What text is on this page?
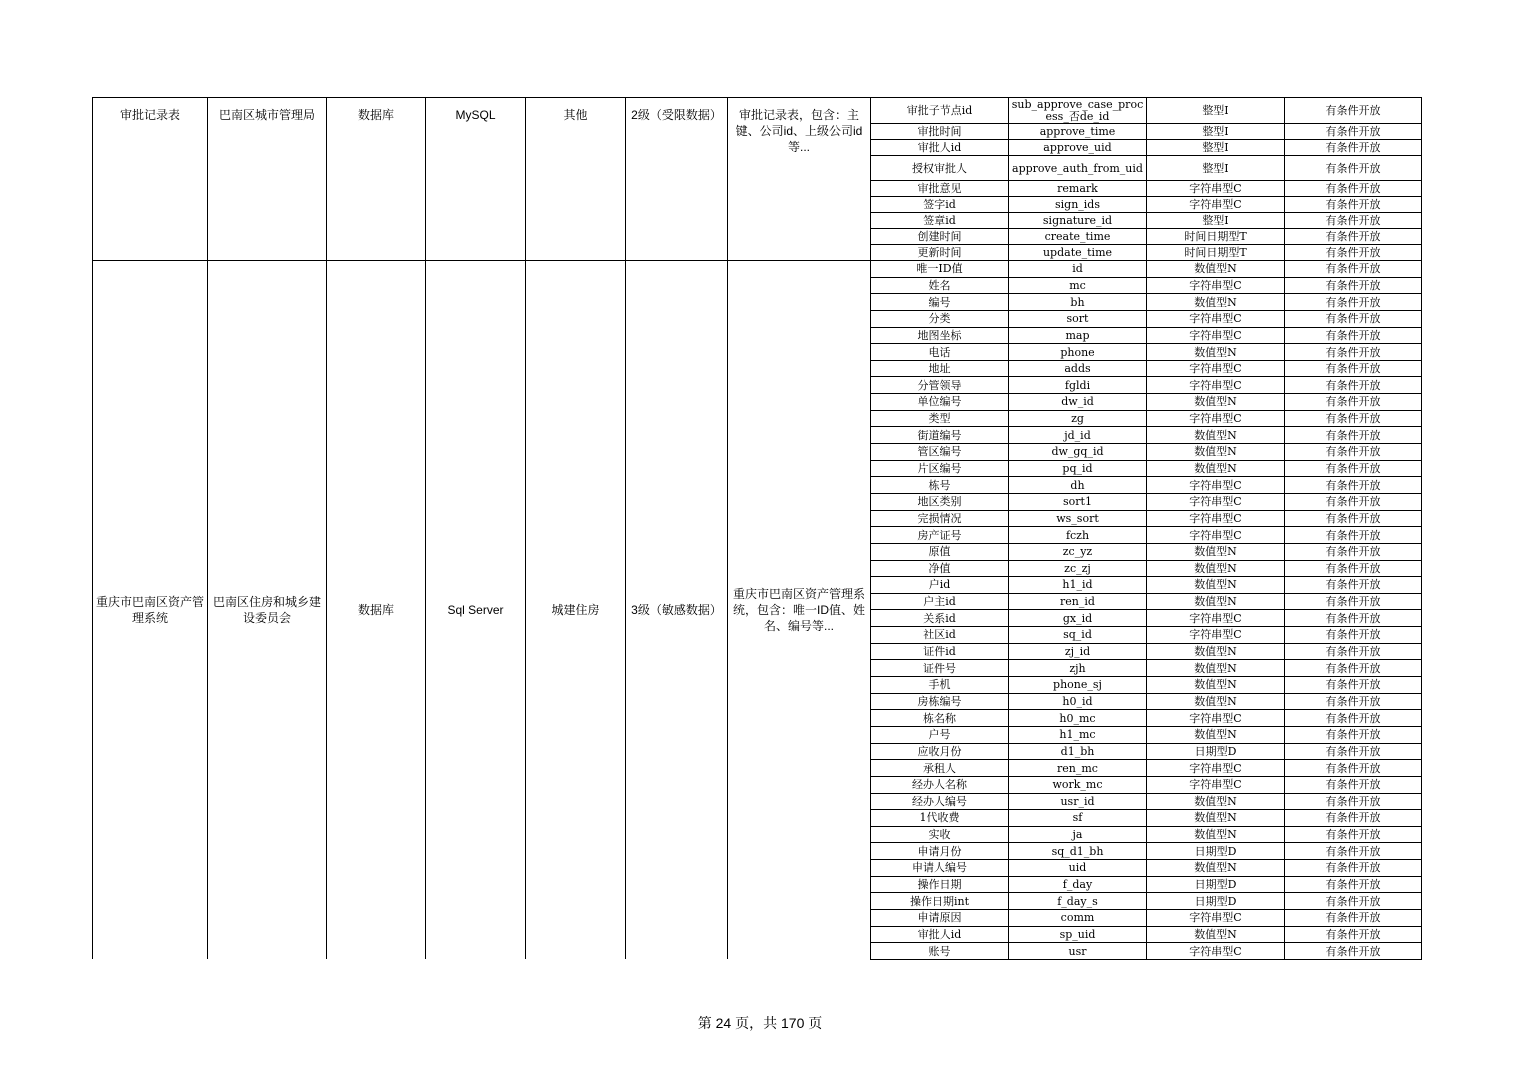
审批记录表	巴南区城市管理局	数据库	MySQL	其他	2级（受限数据）	审批记录表，包含：主键、公司id、上级公司id等...	审批子节点id	sub_approve_case_process_否de_id	整型I	有条件开放
							审批时间	approve_time	整型I	有条件开放
							审批人id	approve_uid	整型I	有条件开放
							授权审批人	approve_auth_from_uid	整型I	有条件开放
							审批意见	remark	字符串型C	有条件开放
							签字id	sign_ids	字符串型C	有条件开放
							签章id	signature_id	整型I	有条件开放
							创建时间	create_time	时间日期型T	有条件开放
							更新时间	update_time	时间日期型T	有条件开放

重庆市巴南区资产管理系统	巴南区住房和城乡建设委员会	数据库	Sql Server	城建住房	3级（敏感数据）	重庆市巴南区资产管理系统，包含：唯一ID值、姓名、编号等...	唯一ID值	id	数值型N	有条件开放
							姓名	mc	字符串型C	有条件开放
							编号	bh	数值型N	有条件开放
							分类	sort	字符串型C	有条件开放
							地图坐标	map	字符串型C	有条件开放
							电话	phone	数值型N	有条件开放
							地址	adds	字符串型C	有条件开放
							分管领导	fgldi	字符串型C	有条件开放
							单位编号	dw_id	数值型N	有条件开放
							类型	zg	字符串型C	有条件开放
							街道编号	jd_id	数值型N	有条件开放
							管区编号	dw_gq_id	数值型N	有条件开放
							片区编号	pq_id	数值型N	有条件开放
							栋号	dh	字符串型C	有条件开放
							地区类别	sort1	字符串型C	有条件开放
							完损情况	ws_sort	字符串型C	有条件开放
							房产证号	fczh	字符串型C	有条件开放
							原值	zc_yz	数值型N	有条件开放
							净值	zc_zj	数值型N	有条件开放
							户id	h1_id	数值型N	有条件开放
							户主id	ren_id	数值型N	有条件开放
							关系id	gx_id	字符串型C	有条件开放
							社区id	sq_id	字符串型C	有条件开放
							证件id	zj_id	数值型N	有条件开放
							证件号	zjh	数值型N	有条件开放
							手机	phone_sj	数值型N	有条件开放
							房栋编号	h0_id	数值型N	有条件开放
							栋名称	h0_mc	字符串型C	有条件开放
							户号	h1_mc	数值型N	有条件开放
							应收月份	d1_bh	日期型D	有条件开放
							承租人	ren_mc	字符串型C	有条件开放
							经办人名称	work_mc	字符串型C	有条件开放
							经办人编号	usr_id	数值型N	有条件开放
							1代收费	sf	数值型N	有条件开放
							实收	ja	数值型N	有条件开放
							申请月份	sq_d1_bh	日期型D	有条件开放
							申请人编号	uid	数值型N	有条件开放
							操作日期	f_day	日期型D	有条件开放
							操作日期int	f_day_s	日期型D	有条件开放
							申请原因	comm	字符串型C	有条件开放
							审批人id	sp_uid	数值型N	有条件开放
							账号	usr	字符串型C	有条件开放
第 24 页，共 170 页
